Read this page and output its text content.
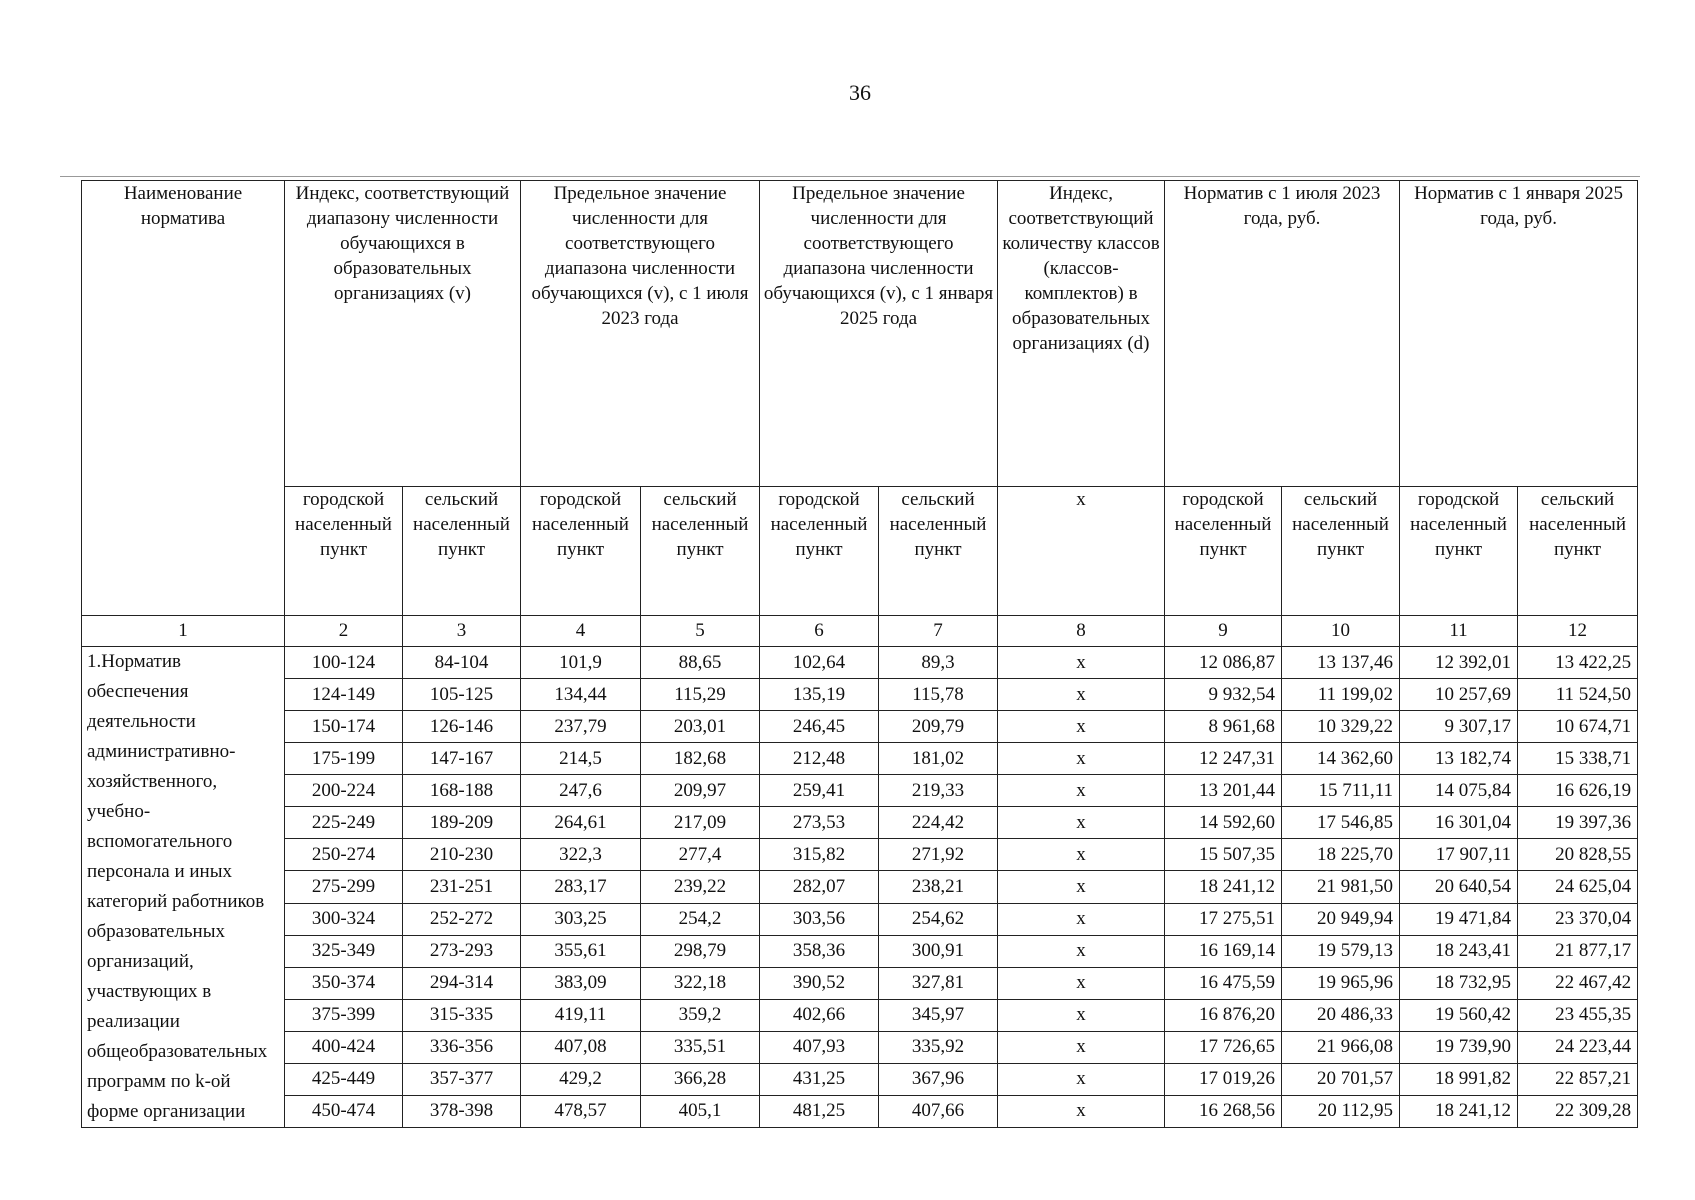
36
Наименование норматива	Индекс, соответствующий диапазону численности обучающихся в образовательных организациях (v)		Предельное значение численности для соответствующего диапазона численности обучающихся (v), с 1 июля 2023 года		Предельное значение численности для соответствующего диапазона численности обучающихся (v), с 1 января 2025 года		Индекс, соответствующий количеству классов (классов-комплектов) в образовательных организациях (d)	Норматив с 1 июля 2023 года, руб.		Норматив с 1 января 2025 года, руб.	
	городской населенный пункт	сельский населенный пункт	городской населенный пункт	сельский населенный пункт	городской населенный пункт	сельский населенный пункт	х	городской населенный пункт	сельский населенный пункт	городской населенный пункт	сельский населенный пункт
1	2	3	4	5	6	7	8	9	10	11	12
1.Норматив обеспечения деятельности административно-хозяйственного, учебно-вспомогательного персонала и иных категорий работников образовательных организаций, участвующих в реализации общеобразовательных программ по k-ой форме организации	100-124	84-104	101,9	88,65	102,64	89,3	х	12 086,87	13 137,46	12 392,01	13 422,25
	124-149	105-125	134,44	115,29	135,19	115,78	х	9 932,54	11 199,02	10 257,69	11 524,50
	150-174	126-146	237,79	203,01	246,45	209,79	х	8 961,68	10 329,22	9 307,17	10 674,71
	175-199	147-167	214,5	182,68	212,48	181,02	х	12 247,31	14 362,60	13 182,74	15 338,71
	200-224	168-188	247,6	209,97	259,41	219,33	х	13 201,44	15 711,11	14 075,84	16 626,19
	225-249	189-209	264,61	217,09	273,53	224,42	х	14 592,60	17 546,85	16 301,04	19 397,36
	250-274	210-230	322,3	277,4	315,82	271,92	х	15 507,35	18 225,70	17 907,11	20 828,55
	275-299	231-251	283,17	239,22	282,07	238,21	х	18 241,12	21 981,50	20 640,54	24 625,04
	300-324	252-272	303,25	254,2	303,56	254,62	х	17 275,51	20 949,94	19 471,84	23 370,04
	325-349	273-293	355,61	298,79	358,36	300,91	х	16 169,14	19 579,13	18 243,41	21 877,17
	350-374	294-314	383,09	322,18	390,52	327,81	х	16 475,59	19 965,96	18 732,95	22 467,42
	375-399	315-335	419,11	359,2	402,66	345,97	х	16 876,20	20 486,33	19 560,42	23 455,35
	400-424	336-356	407,08	335,51	407,93	335,92	х	17 726,65	21 966,08	19 739,90	24 223,44
	425-449	357-377	429,2	366,28	431,25	367,96	х	17 019,26	20 701,57	18 991,82	22 857,21
	450-474	378-398	478,57	405,1	481,25	407,66	х	16 268,56	20 112,95	18 241,12	22 309,28
